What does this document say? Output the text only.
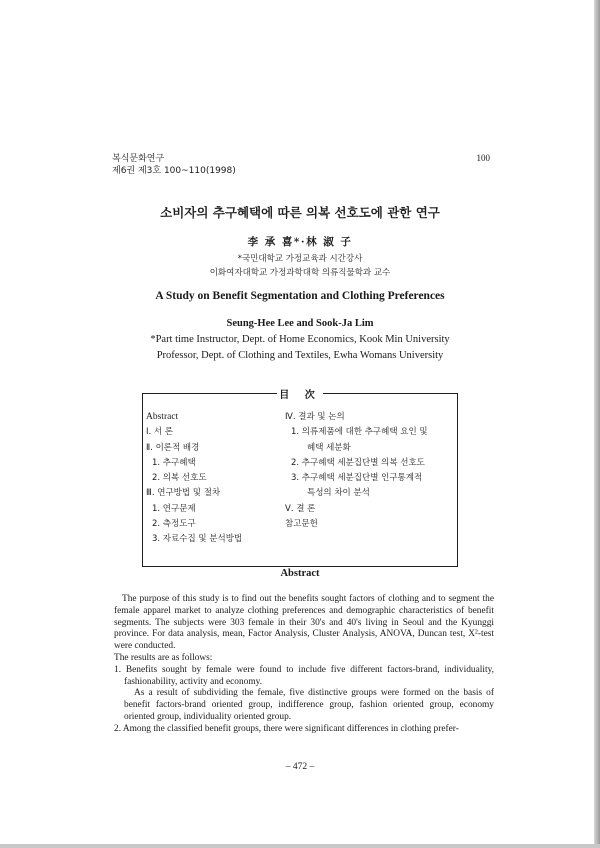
복식문화연구
제6권 제3호 100~110(1998)
100
소비자의 추구혜택에 따른 의복 선호도에 관한 연구
李 承 喜*·林 淑 子
*국민대학교 가정교육과 시간강사
이화여자대학교 가정과학대학 의류직물학과 교수
A Study on Benefit Segmentation and Clothing Preferences
Seung-Hee Lee and Sook-Ja Lim
*Part time Instructor, Dept. of Home Economics, Kook Min University
Professor, Dept. of Clothing and Textiles, Ewha Womans University
Abstract
Ⅰ. 서 론
Ⅱ. 이론적 배경
1. 추구혜택
2. 의복 선호도
Ⅲ. 연구방법 및 절차
1. 연구문제
2. 측정도구
3. 자료수집 및 분석방법
Ⅳ. 결과 및 논의
1. 의류제품에 대한 추구혜택 요인 및
혜택 세분화
2. 추구혜택 세분집단별 의복 선호도
3. 추구혜택 세분집단별 인구통계적
특성의 차이 분석
Ⅴ. 결 론
참고문헌
目 次
Abstract

The purpose of this study is to find out the benefits sought factors of clothing and to segment the female apparel market to analyze clothing preferences and demographic characteristics of benefit segments. The subjects were 303 female in their 30's and 40's living in Seoul and the Kyunggi province. For data analysis, mean, Factor Analysis, Cluster Analysis, ANOVA, Duncan test, X²-test were conducted.

The results are as follows:

1. Benefits sought by female were found to include five different factors-brand, individuality, fashionability, activity and economy.

As a result of subdividing the female, five distinctive groups were formed on the basis of benefit factors-brand oriented group, indifference group, fashion oriented group, economy oriented group, individuality oriented group.

2. Among the classified benefit groups, there were significant differences in clothing prefer-

– 472 –
